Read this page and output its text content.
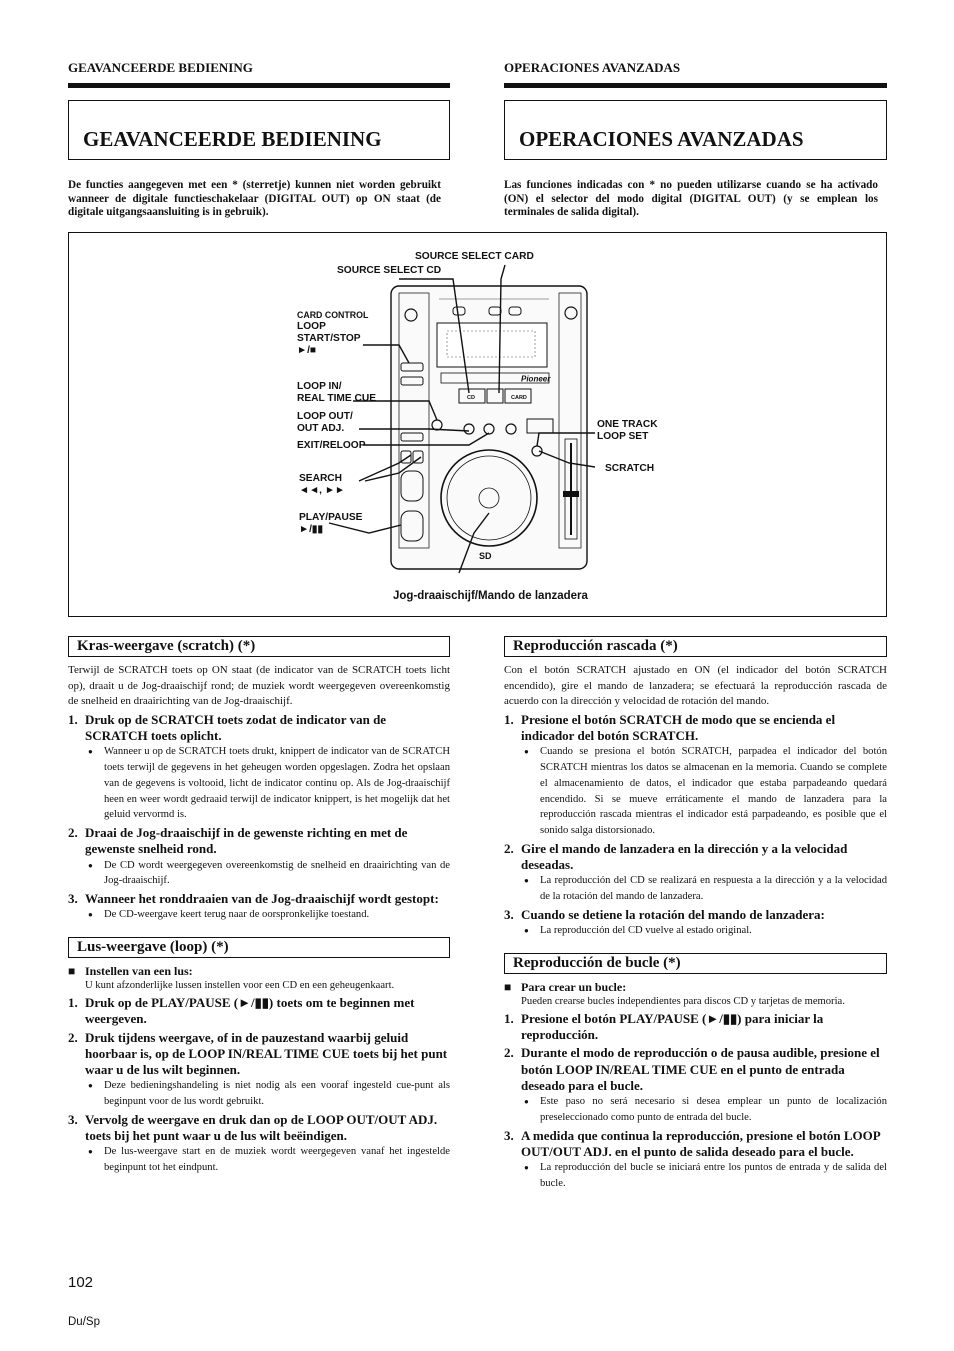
GEAVANCEERDE BEDIENING	OPERACIONES AVANZADAS
GEAVANCEERDE BEDIENING	OPERACIONES AVANZADAS
De functies aangegeven met een * (sterretje) kunnen niet worden gebruikt wanneer de digitale functieschakelaar (DIGITAL OUT) op ON staat (de digitale uitgangsaansluiting is in gebruik).
Las funciones indicadas con * no pueden utilizarse cuando se ha activado (ON) el selector del modo digital (DIGITAL OUT) (y se emplean los terminales de salida digital).
Pioneer
CD	CARD
SD
SOURCE SELECT CARD
SOURCE SELECT CD
CARD CONTROL
LOOP
START/STOP
►/■
LOOP IN/
REAL TIME CUE
LOOP OUT/
OUT ADJ.
EXIT/RELOOP
SEARCH
◄◄, ►►
PLAY/PAUSE
►/▮▮
ONE TRACK
LOOP SET
SCRATCH
Jog-draaischijf/Mando de lanzadera
Kras-weergave (scratch) (*)
Terwijl de SCRATCH toets op ON staat (de indicator van de SCRATCH toets licht op), draait u de Jog-draaischijf rond; de muziek wordt weergegeven overeenkomstig de snelheid en draairichting van de Jog-draaischijf.
1. Druk op de SCRATCH toets zodat de indicator van de SCRATCH toets oplicht.
● Wanneer u op de SCRATCH toets drukt, knippert de indicator van de SCRATCH toets terwijl de gegevens in het geheugen worden opgeslagen. Zodra het opslaan van de gegevens is voltooid, licht de indicator continu op. Als de Jog-draaischijf heen en weer wordt gedraaid terwijl de indicator knippert, is het mogelijk dat het geluid vervormd is.
2. Draai de Jog-draaischijf in de gewenste richting en met de gewenste snelheid rond.
● De CD wordt weergegeven overeenkomstig de snelheid en draairichting van de Jog-draaischijf.
3. Wanneer het ronddraaien van de Jog-draaischijf wordt gestopt:
● De CD-weergave keert terug naar de oorspronkelijke toestand.
Lus-weergave (loop) (*)
■ Instellen van een lus:
U kunt afzonderlijke lussen instellen voor een CD en een geheugenkaart.
1. Druk op de PLAY/PAUSE (►/▮▮) toets om te beginnen met weergeven.
2. Druk tijdens weergave, of in de pauzestand waarbij geluid hoorbaar is, op de LOOP IN/REAL TIME CUE toets bij het punt waar u de lus wilt beginnen.
● Deze bedieningshandeling is niet nodig als een vooraf ingesteld cue-punt als beginpunt voor de lus wordt gebruikt.
3. Vervolg de weergave en druk dan op de LOOP OUT/OUT ADJ. toets bij het punt waar u de lus wilt beëindigen.
● De lus-weergave start en de muziek wordt weergegeven vanaf het ingestelde beginpunt tot het eindpunt.
Reproducción rascada (*)
Con el botón SCRATCH ajustado en ON (el indicador del botón SCRATCH encendido), gire el mando de lanzadera; se efectuará la reproducción rascada de acuerdo con la dirección y velocidad de rotación del mando.
1. Presione el botón SCRATCH de modo que se encienda el indicador del botón SCRATCH.
● Cuando se presiona el botón SCRATCH, parpadea el indicador del botón SCRATCH mientras los datos se almacenan en la memoria. Cuando se complete el almacenamiento de datos, el indicador que estaba parpadeando quedará encendido. Si se mueve erráticamente el mando de lanzadera para la reproducción rascada mientras el indicador está parpadeando, es posible que el sonido salga distorsionado.
2. Gire el mando de lanzadera en la dirección y a la velocidad deseadas.
● La reproducción del CD se realizará en respuesta a la dirección y a la velocidad de la rotación del mando de lanzadera.
3. Cuando se detiene la rotación del mando de lanzadera:
● La reproducción del CD vuelve al estado original.
Reproducción de bucle (*)
■ Para crear un bucle:
Pueden crearse bucles independientes para discos CD y tarjetas de memoria.
1. Presione el botón PLAY/PAUSE (►/▮▮) para iniciar la reproducción.
2. Durante el modo de reproducción o de pausa audible, presione el botón LOOP IN/REAL TIME CUE en el punto de entrada deseado para el bucle.
● Este paso no será necesario si desea emplear un punto de localización preseleccionado como punto de entrada del bucle.
3. A medida que continua la reproducción, presione el botón LOOP OUT/OUT ADJ. en el punto de salida deseado para el bucle.
● La reproducción del bucle se iniciará entre los puntos de entrada y de salida del bucle.
102
Du/Sp
